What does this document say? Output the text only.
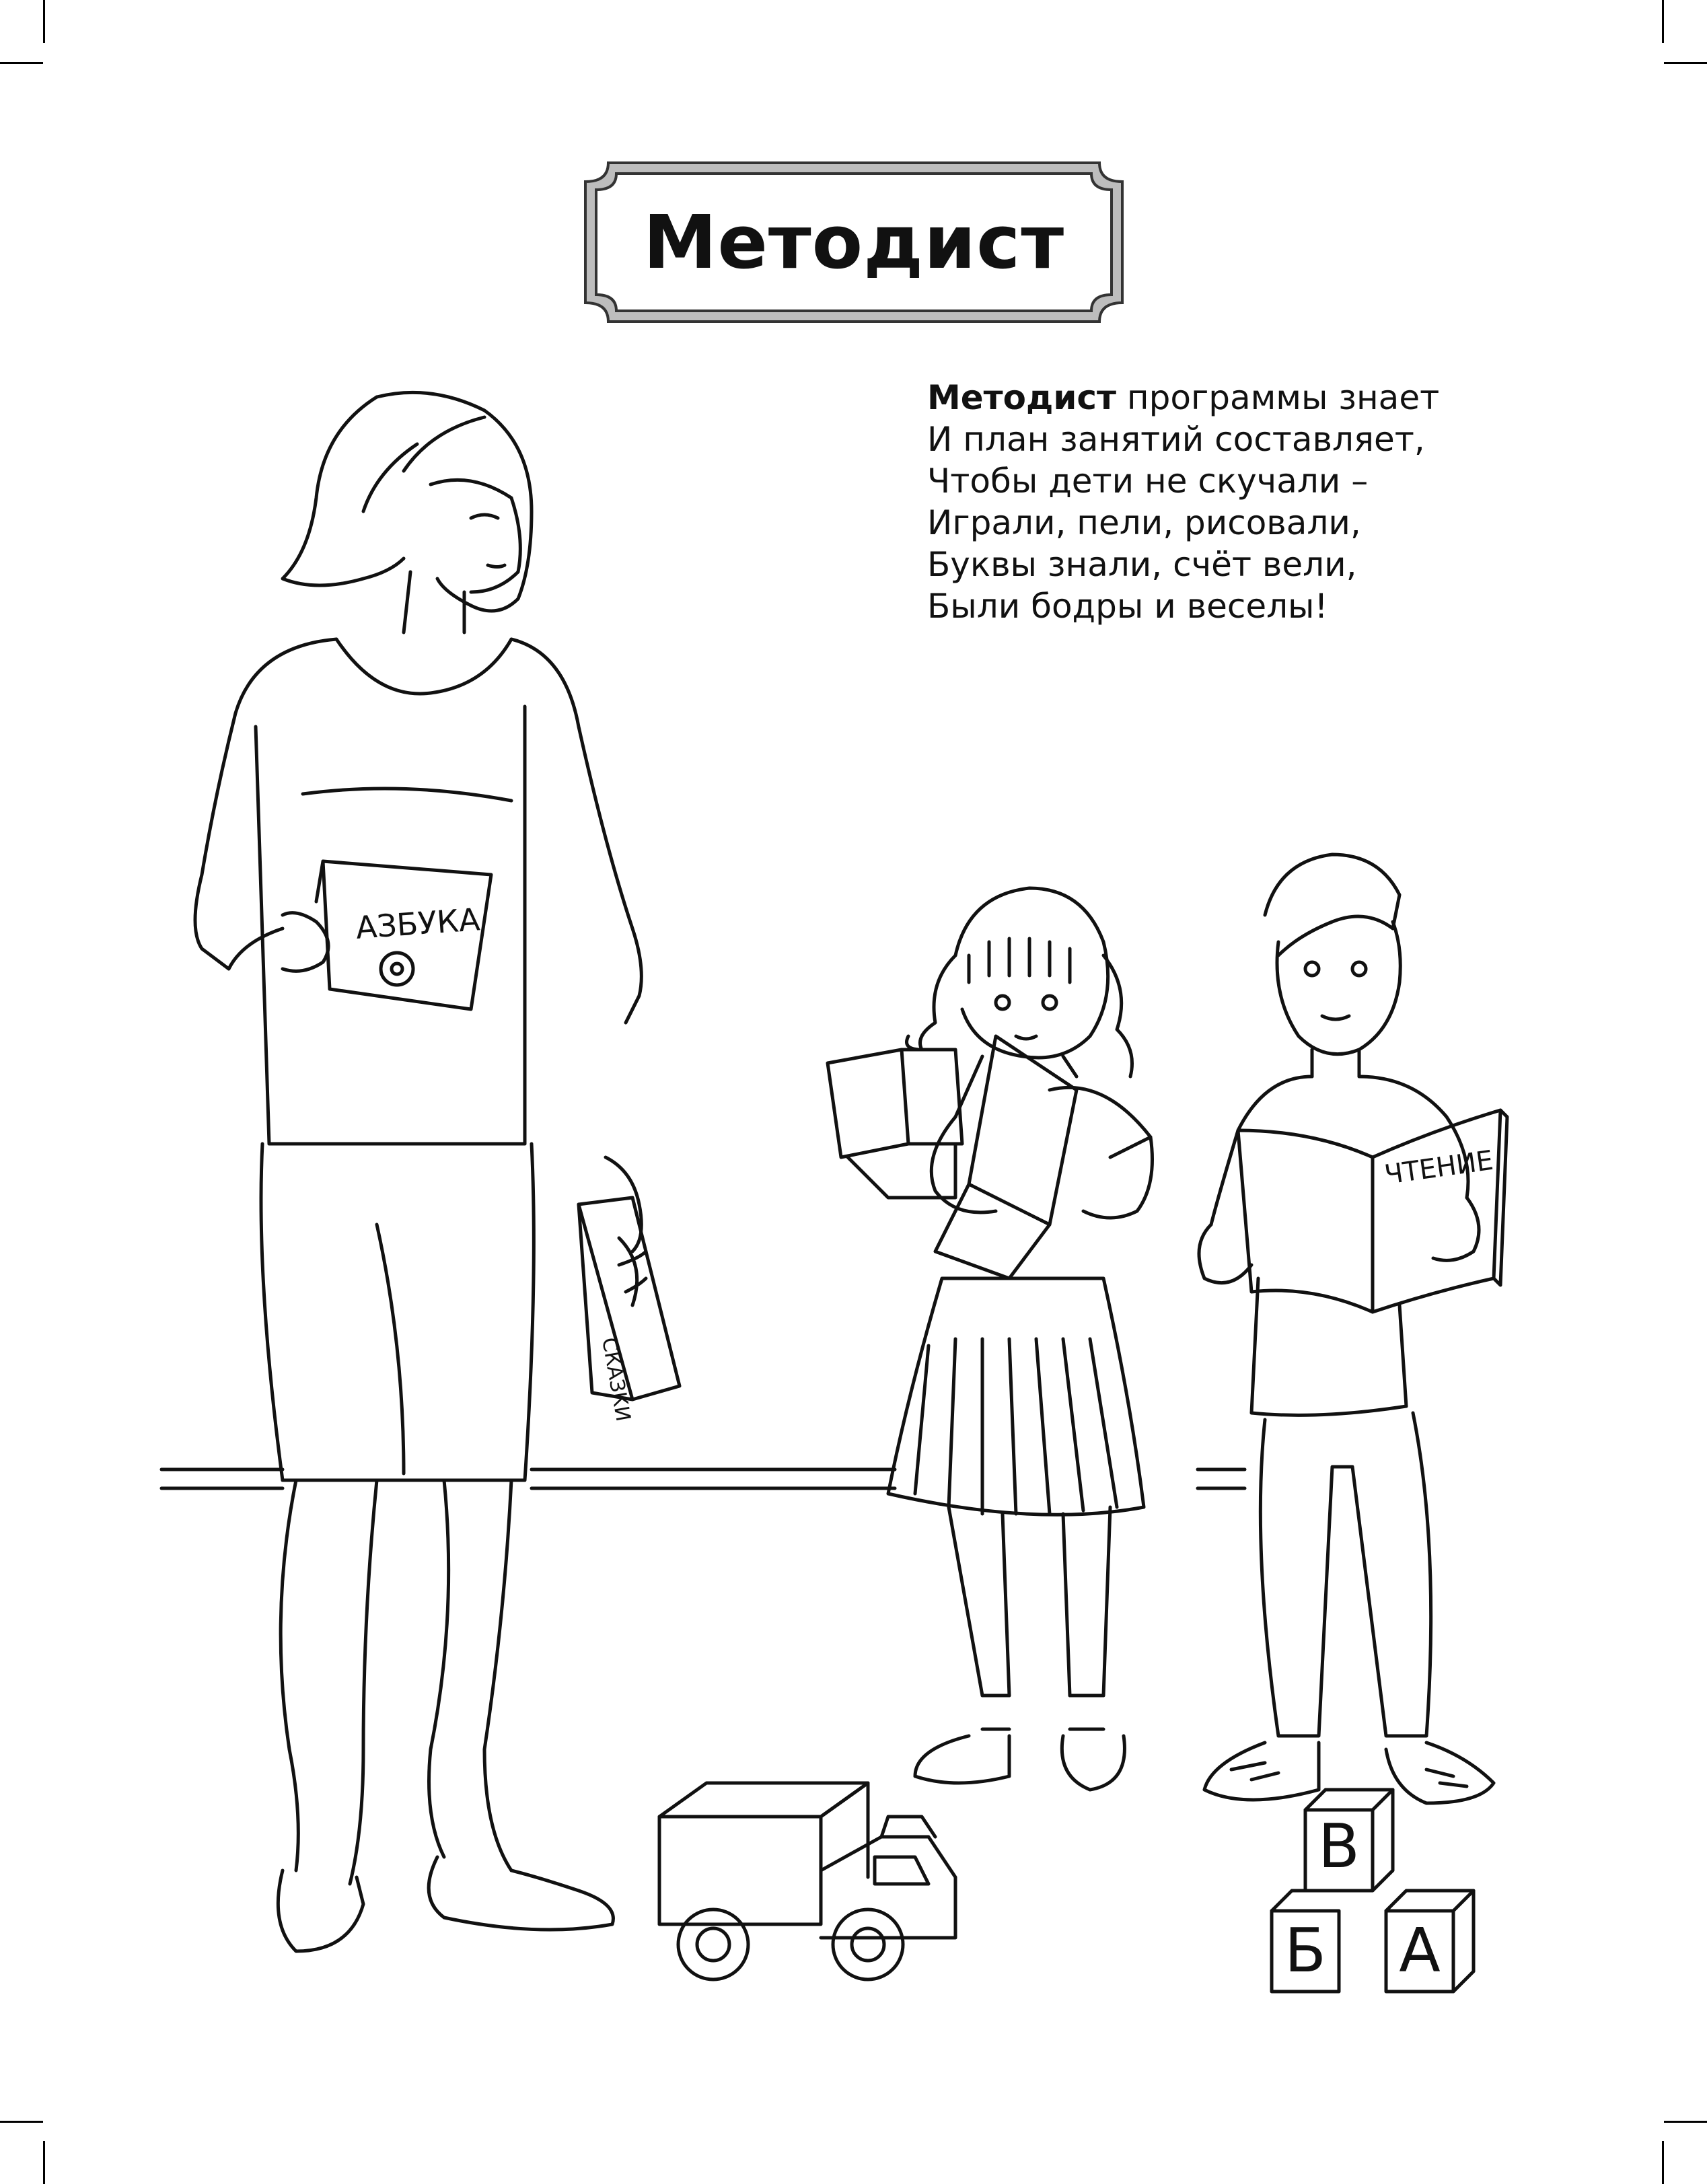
Методист
Методист программы знает
И план занятий составляет,
Чтобы дети не скучали –
Играли, пели, рисовали,
Буквы знали, счёт вели,
Были бодры и веселы!
АЗБУКА
СКАЗКИ
ЧТЕНИЕ
В
Б А
